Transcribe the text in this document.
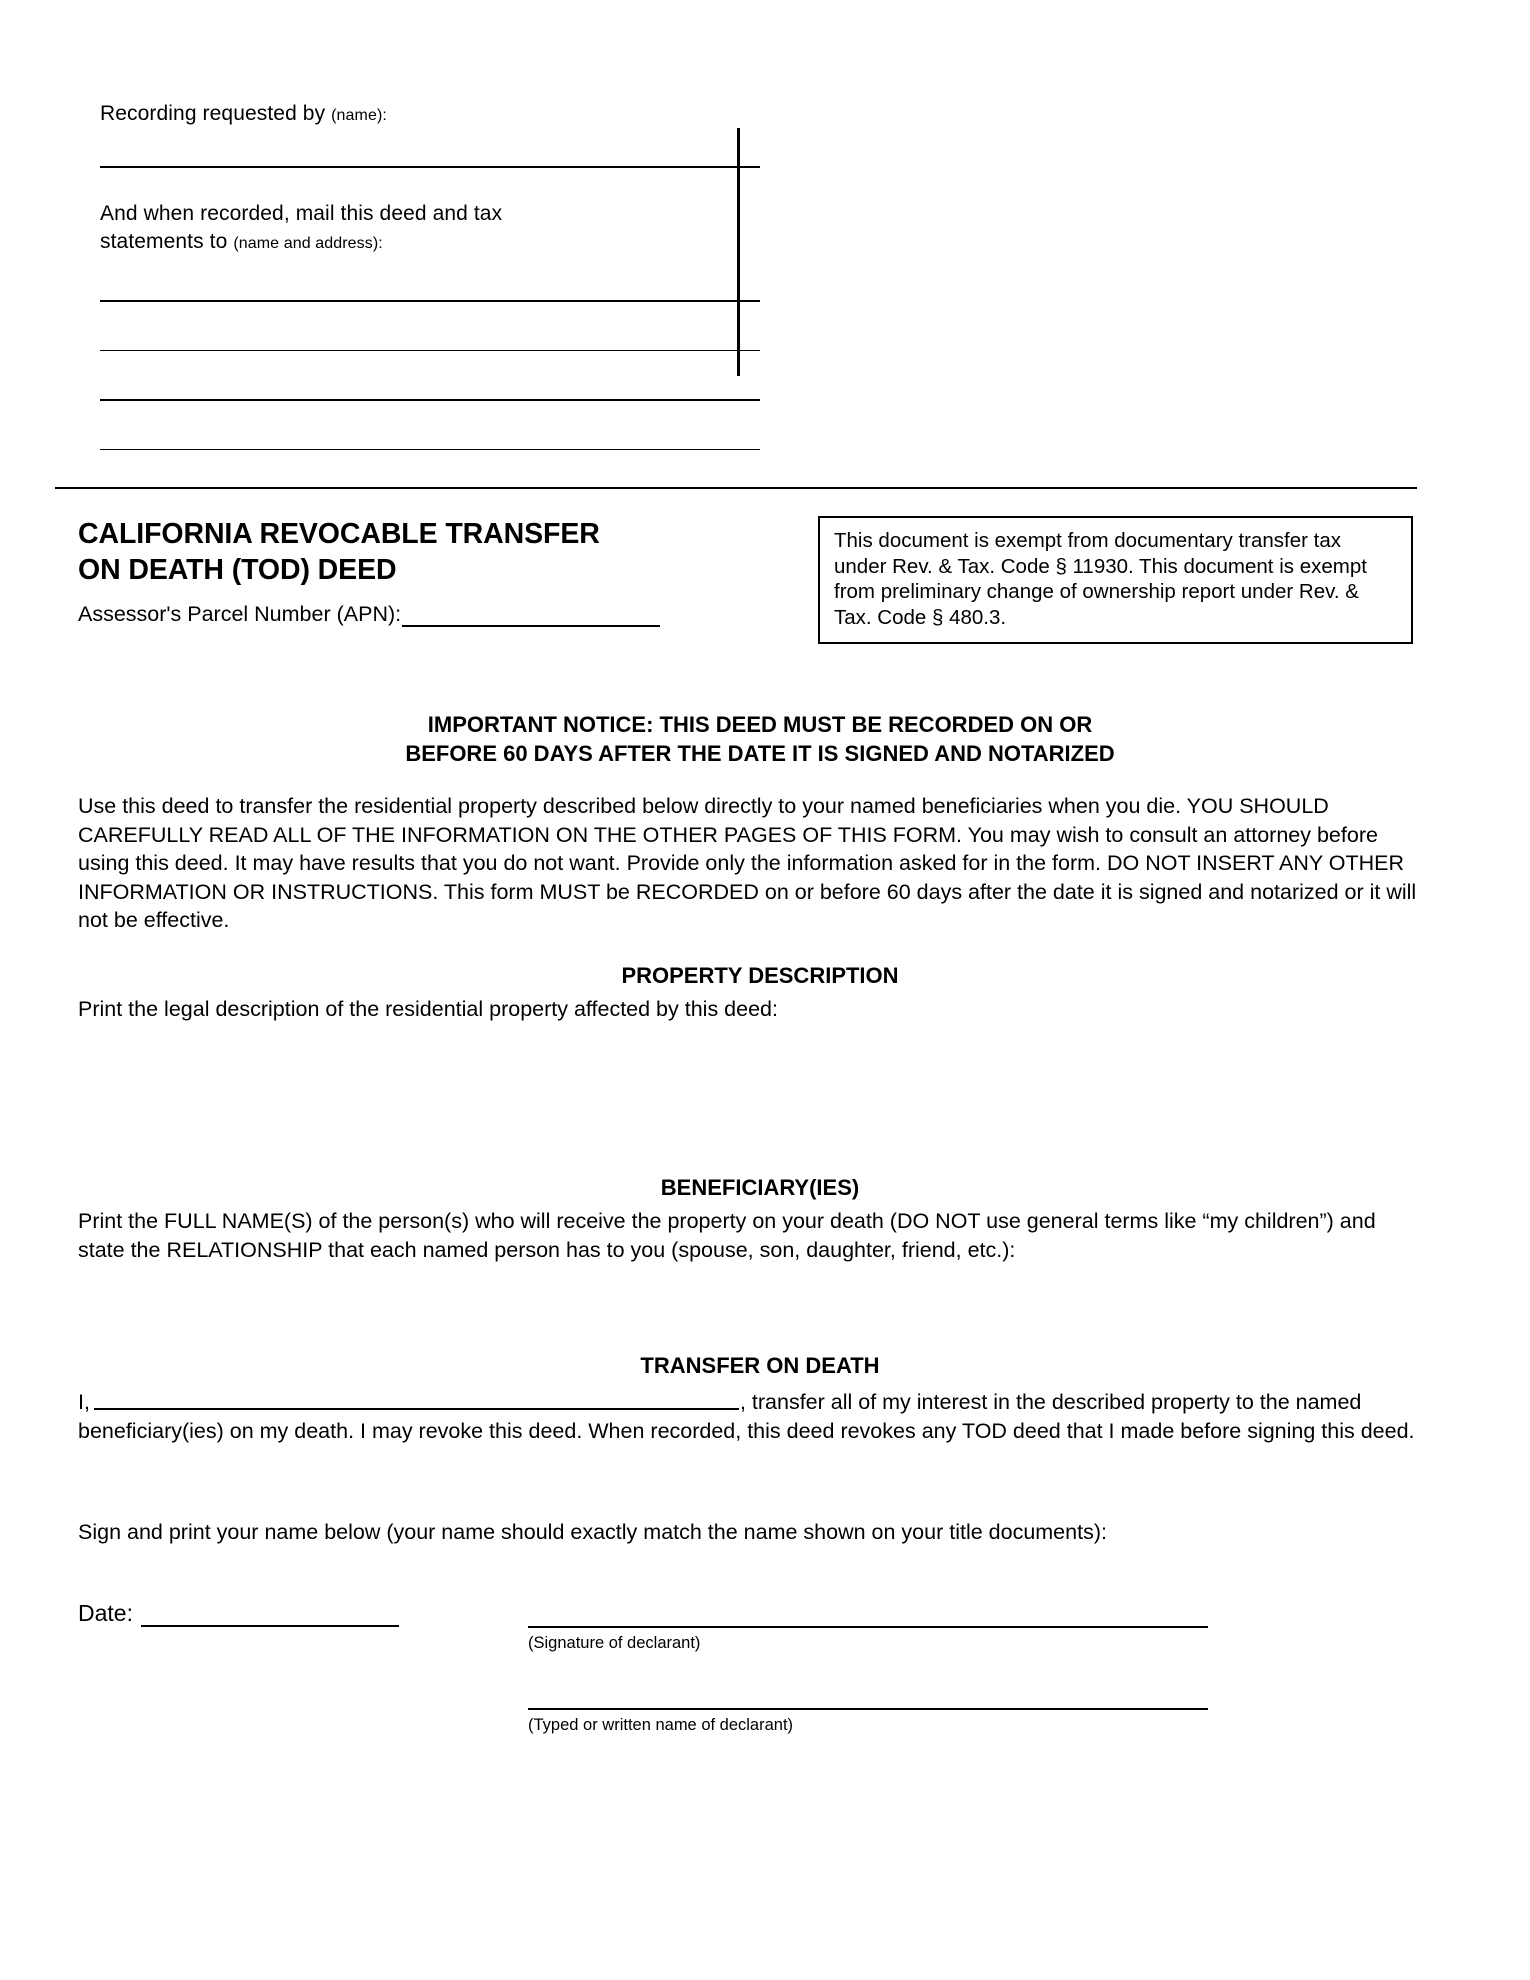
Recording requested by (name):
And when recorded, mail this deed and tax
statements to (name and address):
CALIFORNIA REVOCABLE TRANSFER
ON DEATH (TOD) DEED
Assessor's Parcel Number (APN):
This document is exempt from documentary transfer tax under Rev. & Tax. Code § 11930. This document is exempt from preliminary change of ownership report under Rev. & Tax. Code § 480.3.
IMPORTANT NOTICE: THIS DEED MUST BE RECORDED ON OR
BEFORE 60 DAYS AFTER THE DATE IT IS SIGNED AND NOTARIZED
Use this deed to transfer the residential property described below directly to your named beneficiaries when you die. YOU SHOULD CAREFULLY READ ALL OF THE INFORMATION ON THE OTHER PAGES OF THIS FORM. You may wish to consult an attorney before using this deed. It may have results that you do not want. Provide only the information asked for in the form. DO NOT INSERT ANY OTHER INFORMATION OR INSTRUCTIONS. This form MUST be RECORDED on or before 60 days after the date it is signed and notarized or it will not be effective.
PROPERTY DESCRIPTION
Print the legal description of the residential property affected by this deed:
BENEFICIARY(IES)
Print the FULL NAME(S) of the person(s) who will receive the property on your death (DO NOT use general terms like “my children”) and state the RELATIONSHIP that each named person has to you (spouse, son, daughter, friend, etc.):
TRANSFER ON DEATH
I,	, transfer all of my interest in the described property to the named beneficiary(ies) on my death. I may revoke this deed. When recorded, this deed revokes any TOD deed that I made before signing this deed.
Sign and print your name below (your name should exactly match the name shown on your title documents):
Date:
(Signature of declarant)
(Typed or written name of declarant)
